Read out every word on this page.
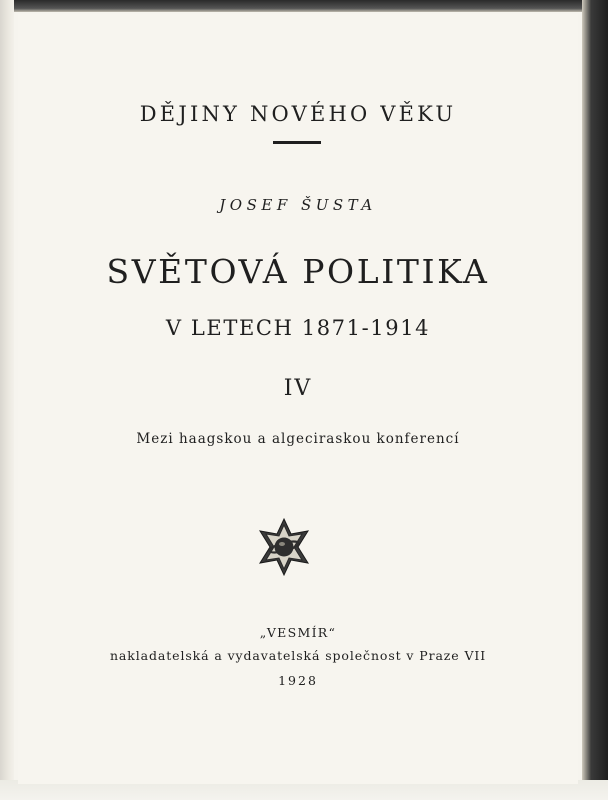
DĚJINY NOVÉHO VĚKU
JOSEF ŠUSTA
SVĚTOVÁ POLITIKA
V LETECH 1871-1914
IV
Mezi haagskou a algeciraskou konferencí
„VESMÍR“
nakladatelská a vydavatelská společnost v Praze VII
1928
